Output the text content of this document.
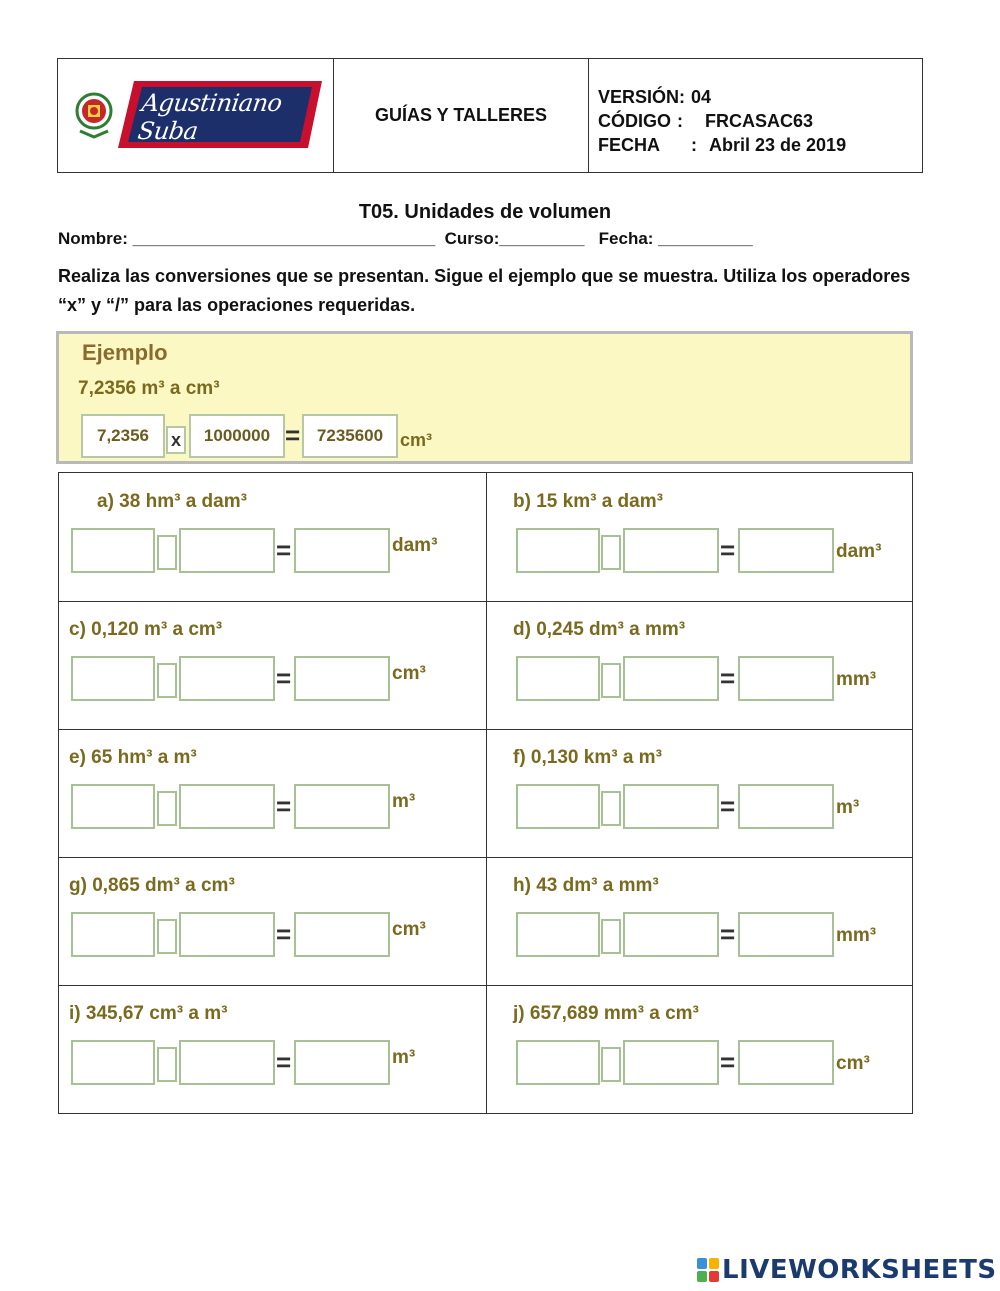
Agustiniano Suba
GUÍAS Y TALLERES
VERSIÓN: 04
CÓDIGO :	FRCASAC63
FECHA	: Abril 23 de 2019
T05. Unidades de volumen
Nombre: ________________________________  Curso:_________   Fecha: __________
Realiza las conversiones que se presentan. Sigue el ejemplo que se muestra. Utiliza los operadores “x” y “/” para las operaciones requeridas.
Ejemplo
7,2356 m³ a cm³
7,2356	x	1000000 = 7235600 cm³
a) 38 hm³ a dam³
=	dam³
b) 15 km³ a dam³
=	dam³
c) 0,120 m³ a cm³
=	cm³
d) 0,245 dm³ a mm³
=	mm³
e) 65 hm³ a m³
=	m³
f) 0,130 km³ a m³
=	m³
g) 0,865 dm³ a cm³
=	cm³
h) 43 dm³ a mm³
=	mm³
i) 345,67 cm³ a m³
=	m³
j) 657,689 mm³ a cm³
=	cm³
LIVEWORKSHEETS
